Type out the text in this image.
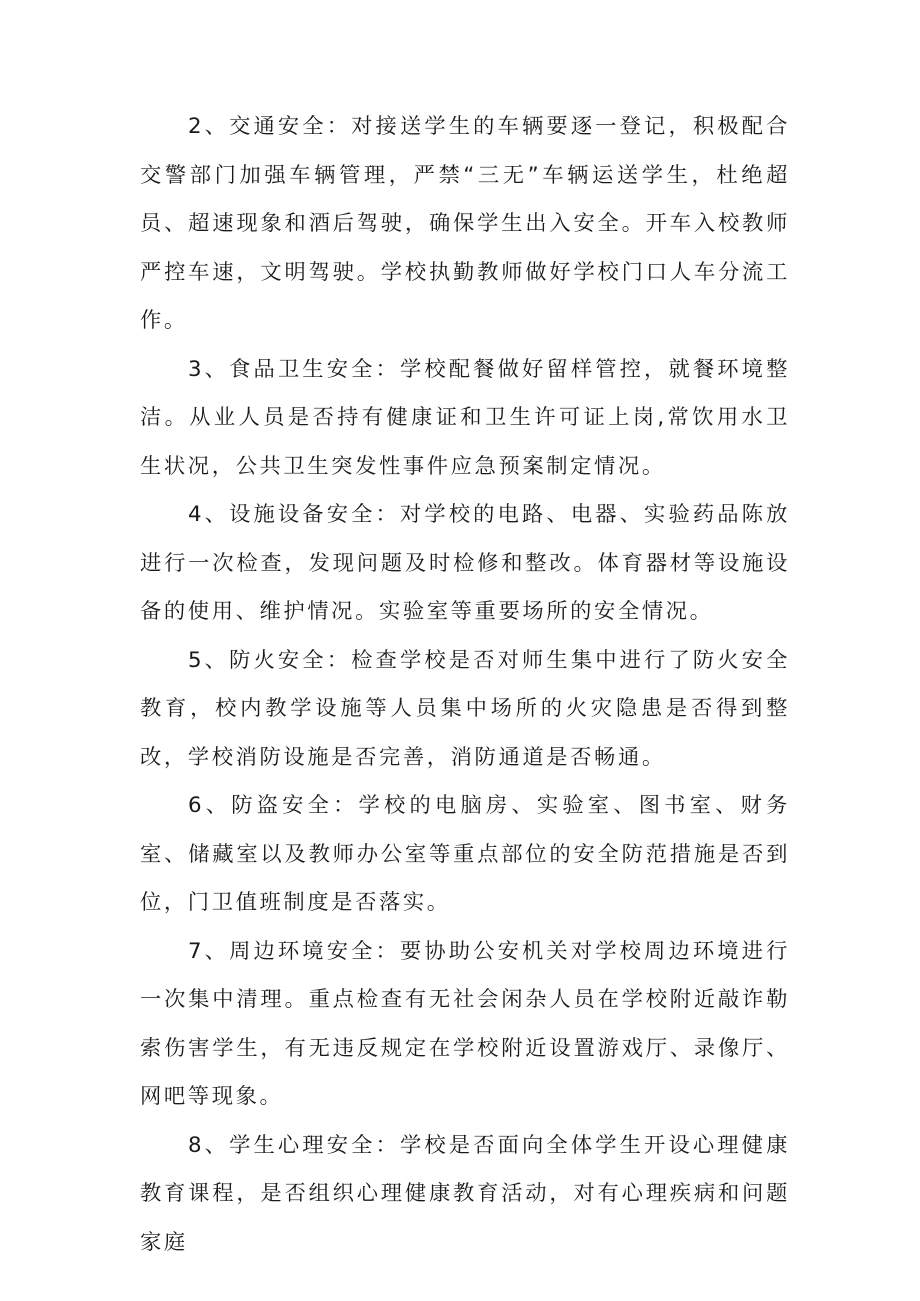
2、交通安全：对接送学生的车辆要逐一登记，积极配合交警部门加强车辆管理，严禁“三无”车辆运送学生，杜绝超员、超速现象和酒后驾驶，确保学生出入安全。开车入校教师严控车速，文明驾驶。学校执勤教师做好学校门口人车分流工作。

3、食品卫生安全：学校配餐做好留样管控，就餐环境整洁。从业人员是否持有健康证和卫生许可证上岗,常饮用水卫生状况，公共卫生突发性事件应急预案制定情况。

4、设施设备安全：对学校的电路、电器、实验药品陈放进行一次检查，发现问题及时检修和整改。体育器材等设施设备的使用、维护情况。实验室等重要场所的安全情况。

5、防火安全：检查学校是否对师生集中进行了防火安全教育，校内教学设施等人员集中场所的火灾隐患是否得到整改，学校消防设施是否完善，消防通道是否畅通。

6、防盗安全：学校的电脑房、实验室、图书室、财务室、储藏室以及教师办公室等重点部位的安全防范措施是否到位，门卫值班制度是否落实。

7、周边环境安全：要协助公安机关对学校周边环境进行一次集中清理。重点检查有无社会闲杂人员在学校附近敲诈勒索伤害学生，有无违反规定在学校附近设置游戏厅、录像厅、网吧等现象。

8、学生心理安全：学校是否面向全体学生开设心理健康教育课程，是否组织心理健康教育活动，对有心理疾病和问题家庭
